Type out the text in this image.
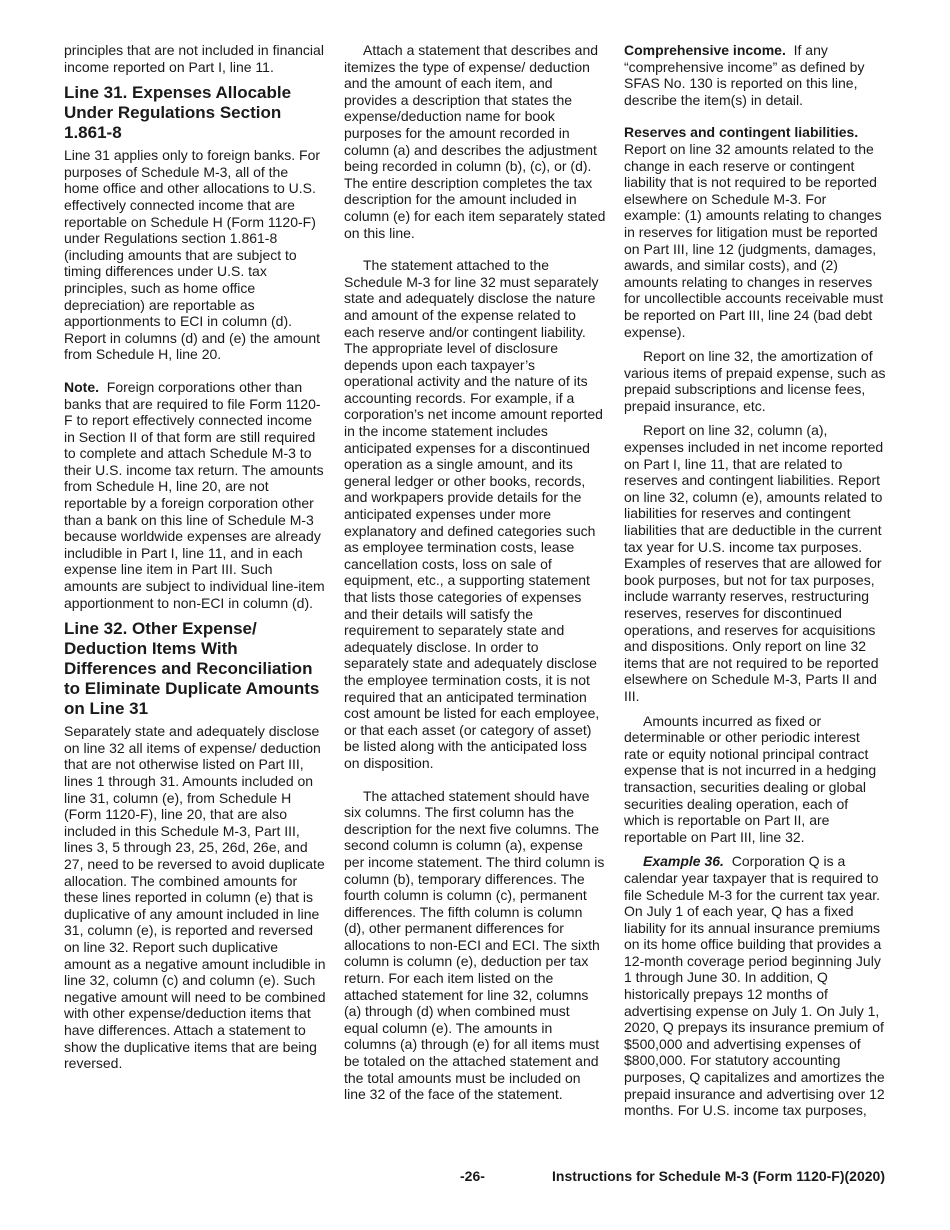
principles that are not included in financial income reported on Part I, line 11.

Line 31. Expenses Allocable Under Regulations Section 1.861-8

Line 31 applies only to foreign banks. For purposes of Schedule M-3, all of the home office and other allocations to U.S. effectively connected income that are reportable on Schedule H (Form 1120-F) under Regulations section 1.861-8 (including amounts that are subject to timing differences under U.S. tax principles, such as home office depreciation) are reportable as apportionments to ECI in column (d). Report in columns (d) and (e) the amount from Schedule H, line 20.

Note. Foreign corporations other than banks that are required to file Form 1120-F to report effectively connected income in Section II of that form are still required to complete and attach Schedule M-3 to their U.S. income tax return. The amounts from Schedule H, line 20, are not reportable by a foreign corporation other than a bank on this line of Schedule M-3 because worldwide expenses are already includible in Part I, line 11, and in each expense line item in Part III. Such amounts are subject to individual line-item apportionment to non-ECI in column (d).

Line 32. Other Expense/ Deduction Items With Differences and Reconciliation to Eliminate Duplicate Amounts on Line 31

Separately state and adequately disclose on line 32 all items of expense/ deduction that are not otherwise listed on Part III, lines 1 through 31. Amounts included on line 31, column (e), from Schedule H (Form 1120-F), line 20, that are also included in this Schedule M-3, Part III, lines 3, 5 through 23, 25, 26d, 26e, and 27, need to be reversed to avoid duplicate allocation. The combined amounts for these lines reported in column (e) that is duplicative of any amount included in line 31, column (e), is reported and reversed on line 32. Report such duplicative amount as a negative amount includible in line 32, column (c) and column (e). Such negative amount will need to be combined with other expense/deduction items that have differences. Attach a statement to show the duplicative items that are being reversed.

Attach a statement that describes and itemizes the type of expense/ deduction and the amount of each item, and provides a description that states the expense/deduction name for book purposes for the amount recorded in column (a) and describes the adjustment being recorded in column (b), (c), or (d). The entire description completes the tax description for the amount included in column (e) for each item separately stated on this line.

The statement attached to the Schedule M-3 for line 32 must separately state and adequately disclose the nature and amount of the expense related to each reserve and/or contingent liability. The appropriate level of disclosure depends upon each taxpayer’s operational activity and the nature of its accounting records. For example, if a corporation’s net income amount reported in the income statement includes anticipated expenses for a discontinued operation as a single amount, and its general ledger or other books, records, and workpapers provide details for the anticipated expenses under more explanatory and defined categories such as employee termination costs, lease cancellation costs, loss on sale of equipment, etc., a supporting statement that lists those categories of expenses and their details will satisfy the requirement to separately state and adequately disclose. In order to separately state and adequately disclose the employee termination costs, it is not required that an anticipated termination cost amount be listed for each employee, or that each asset (or category of asset) be listed along with the anticipated loss on disposition.

The attached statement should have six columns. The first column has the description for the next five columns. The second column is column (a), expense per income statement. The third column is column (b), temporary differences. The fourth column is column (c), permanent differences. The fifth column is column (d), other permanent differences for allocations to non-ECI and ECI. The sixth column is column (e), deduction per tax return. For each item listed on the attached statement for line 32, columns (a) through (d) when combined must equal column (e). The amounts in columns (a) through (e) for all items must be totaled on the attached statement and the total amounts must be included on line 32 of the face of the statement.

Comprehensive income. If any “comprehensive income” as defined by SFAS No. 130 is reported on this line, describe the item(s) in detail.

Reserves and contingent liabilities. Report on line 32 amounts related to the change in each reserve or contingent liability that is not required to be reported elsewhere on Schedule M-3. For example: (1) amounts relating to changes in reserves for litigation must be reported on Part III, line 12 (judgments, damages, awards, and similar costs), and (2) amounts relating to changes in reserves for uncollectible accounts receivable must be reported on Part III, line 24 (bad debt expense).

Report on line 32, the amortization of various items of prepaid expense, such as prepaid subscriptions and license fees, prepaid insurance, etc.

Report on line 32, column (a), expenses included in net income reported on Part I, line 11, that are related to reserves and contingent liabilities. Report on line 32, column (e), amounts related to liabilities for reserves and contingent liabilities that are deductible in the current tax year for U.S. income tax purposes. Examples of reserves that are allowed for book purposes, but not for tax purposes, include warranty reserves, restructuring reserves, reserves for discontinued operations, and reserves for acquisitions and dispositions. Only report on line 32 items that are not required to be reported elsewhere on Schedule M-3, Parts II and III.

Amounts incurred as fixed or determinable or other periodic interest rate or equity notional principal contract expense that is not incurred in a hedging transaction, securities dealing or global securities dealing operation, each of which is reportable on Part II, are reportable on Part III, line 32.

Example 36. Corporation Q is a calendar year taxpayer that is required to file Schedule M-3 for the current tax year. On July 1 of each year, Q has a fixed liability for its annual insurance premiums on its home office building that provides a 12-month coverage period beginning July 1 through June 30. In addition, Q historically prepays 12 months of advertising expense on July 1. On July 1, 2020, Q prepays its insurance premium of $500,000 and advertising expenses of $800,000. For statutory accounting purposes, Q capitalizes and amortizes the prepaid insurance and advertising over 12 months. For U.S. income tax purposes,

-26-	Instructions for Schedule M-3 (Form 1120-F)(2020)
